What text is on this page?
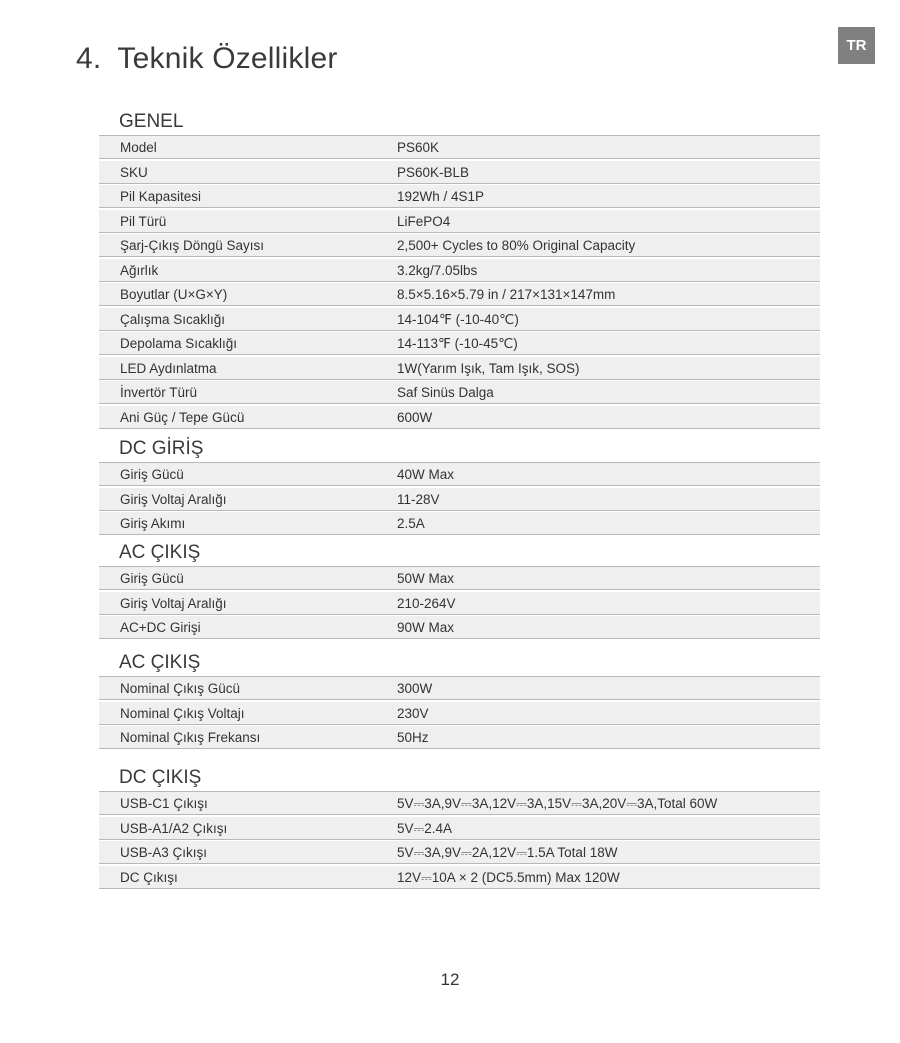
TR
4. Teknik Özellikler
GENEL
Model	PS60K
SKU	PS60K-BLB
Pil Kapasitesi	192Wh / 4S1P
Pil Türü	LiFePO4
Şarj-Çıkış Döngü Sayısı	2,500+ Cycles to 80% Original Capacity
Ağırlık	3.2kg/7.05lbs
Boyutlar (U×G×Y)	8.5×5.16×5.79 in / 217×131×147mm
Çalışma Sıcaklığı	14-104℉ (-10-40℃)
Depolama Sıcaklığı	14-113℉ (-10-45℃)
LED Aydınlatma	1W(Yarım Işık, Tam Işık, SOS)
İnvertör Türü	Saf Sinüs Dalga
Ani Güç / Tepe Gücü	600W
DC GİRİŞ
Giriş Gücü	40W Max
Giriş Voltaj Aralığı	11-28V
Giriş Akımı	2.5A
AC ÇIKIŞ
Giriş Gücü	50W Max
Giriş Voltaj Aralığı	210-264V
AC+DC Girişi	90W Max
AC ÇIKIŞ
Nominal Çıkış Gücü	300W
Nominal Çıkış Voltajı	230V
Nominal Çıkış Frekansı	50Hz
DC ÇIKIŞ
USB-C1 Çıkışı	5V⎓3A,9V⎓3A,12V⎓3A,15V⎓3A,20V⎓3A,Total 60W
USB-A1/A2 Çıkışı	5V⎓2.4A
USB-A3 Çıkışı	5V⎓3A,9V⎓2A,12V⎓1.5A Total 18W
DC Çıkışı	12V⎓10A × 2 (DC5.5mm) Max 120W
12
